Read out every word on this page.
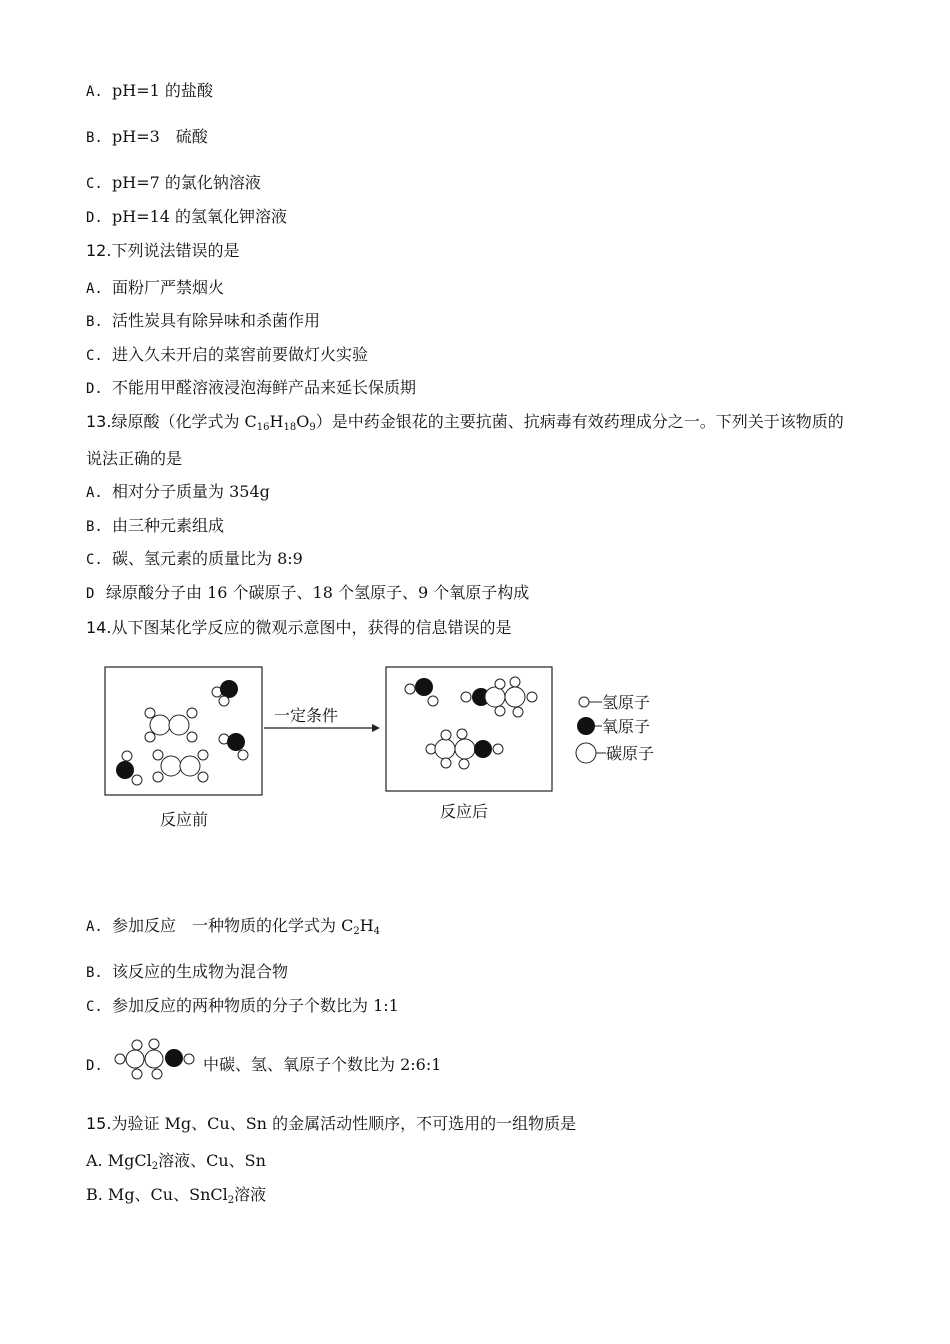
A. pH=1 的盐酸
B. pH=3　硫酸
C. pH=7 的氯化钠溶液
D. pH=14 的氢氧化钾溶液
12.下列说法错误的是
A. 面粉厂严禁烟火
B. 活性炭具有除异味和杀菌作用
C. 进入久未开启的菜窖前要做灯火实验
D. 不能用甲醛溶液浸泡海鲜产品来延长保质期
13.绿原酸（化学式为 $C_{16}H_{18}O_9$）是中药金银花的主要抗菌、抗病毒有效药理成分之一。下列关于该物质的
说法正确的是
A. 相对分子质量为 354g
B. 由三种元素组成
C. 碳、氢元素的质量比为 8:9
D 绿原酸分子由 16 个碳原子、18 个氢原子、9 个氧原子构成
14.从下图某化学反应的微观示意图中，获得的信息错误的是
一定条件
反应前	反应后
氢原子
氧原子
碳原子
A. 参加反应　一种物质的化学式为 $C_2H_4$
B. 该反应的生成物为混合物
C. 参加反应的两种物质的分子个数比为 1:1
D.	中碳、氢、氧原子个数比为 2:6:1
15.为验证 Mg、Cu、Sn 的金属活动性顺序，不可选用的一组物质是
A. MgCl$_2$溶液、Cu、Sn
B. Mg、Cu、SnCl$_2$溶液
